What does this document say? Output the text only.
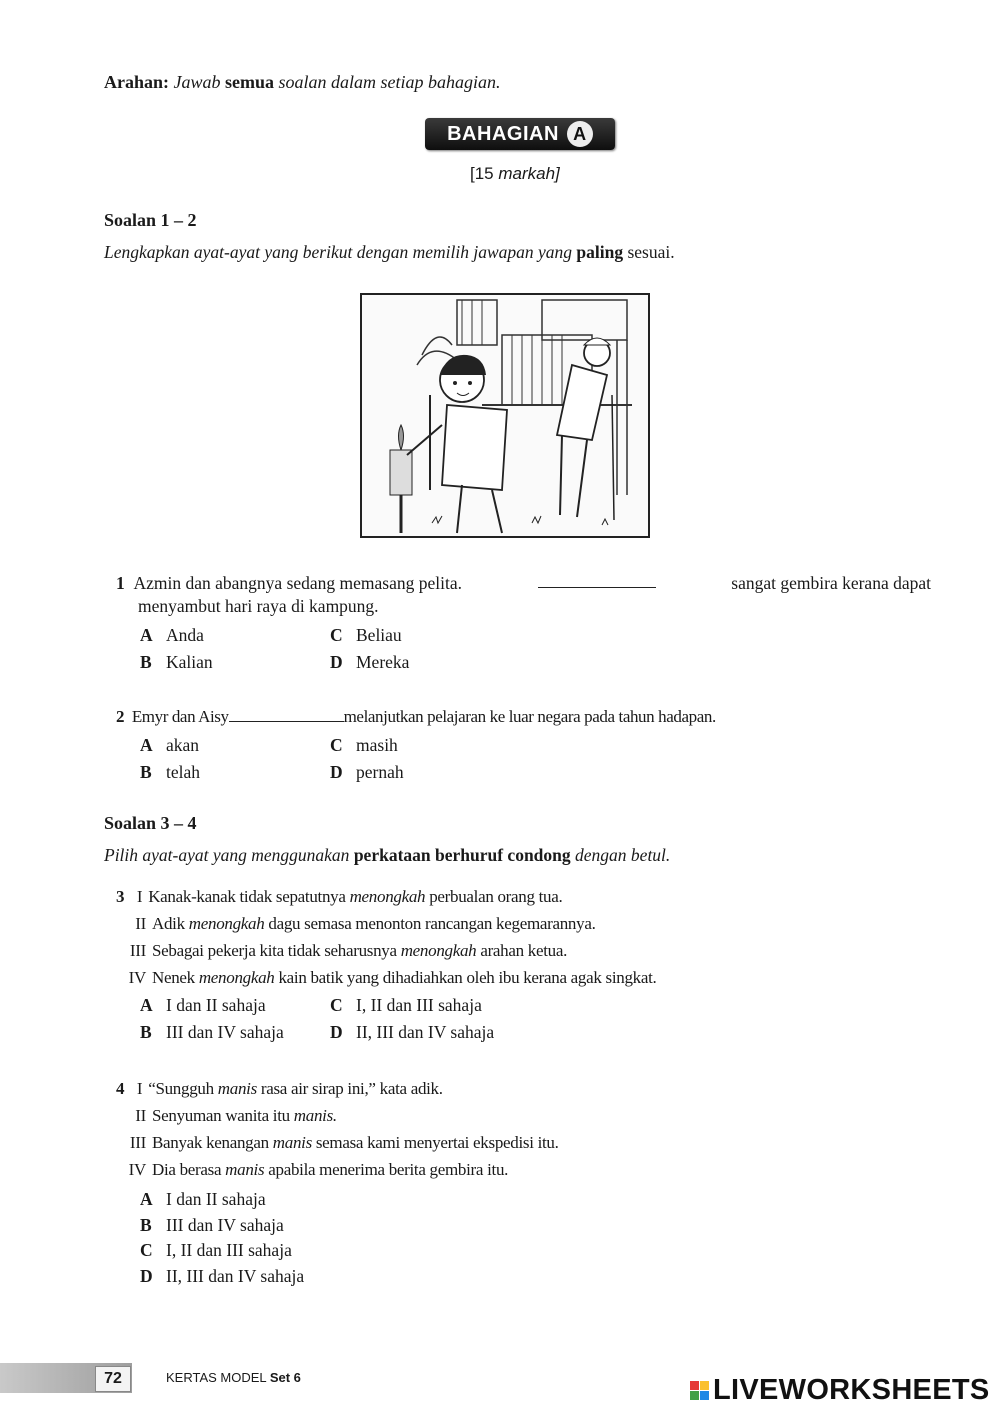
Arahan: Jawab semua soalan dalam setiap bahagian.
BAHAGIAN A
[15 markah]
Soalan 1 – 2
Lengkapkan ayat-ayat yang berikut dengan memilih jawapan yang paling sesuai.
1 Azmin dan abangnya sedang memasang pelita.	sangat gembira kerana dapat
menyambut hari raya di kampung.
A Anda	C Beliau
B Kalian	D Mereka
2 Emyr dan Aisy	melanjutkan pelajaran ke luar negara pada tahun hadapan.
A akan	C masih
B telah	D pernah
Soalan 3 – 4
Pilih ayat-ayat yang menggunakan perkataan berhuruf condong dengan betul.
3 I Kanak-kanak tidak sepatutnya menongkah perbualan orang tua.
II Adik menongkah dagu semasa menonton rancangan kegemarannya.
III Sebagai pekerja kita tidak seharusnya menongkah arahan ketua.
IV Nenek menongkah kain batik yang dihadiahkan oleh ibu kerana agak singkat.
A I dan II sahaja	C I, II dan III sahaja
B III dan IV sahaja	D II, III dan IV sahaja
4 I “Sungguh manis rasa air sirap ini,” kata adik.
II Senyuman wanita itu manis.
III Banyak kenangan manis semasa kami menyertai ekspedisi itu.
IV Dia berasa manis apabila menerima berita gembira itu.
A I dan II sahaja
B III dan IV sahaja
C I, II dan III sahaja
D II, III dan IV sahaja
72	KERTAS MODEL Set 6	LIVEWORKSHEETS
